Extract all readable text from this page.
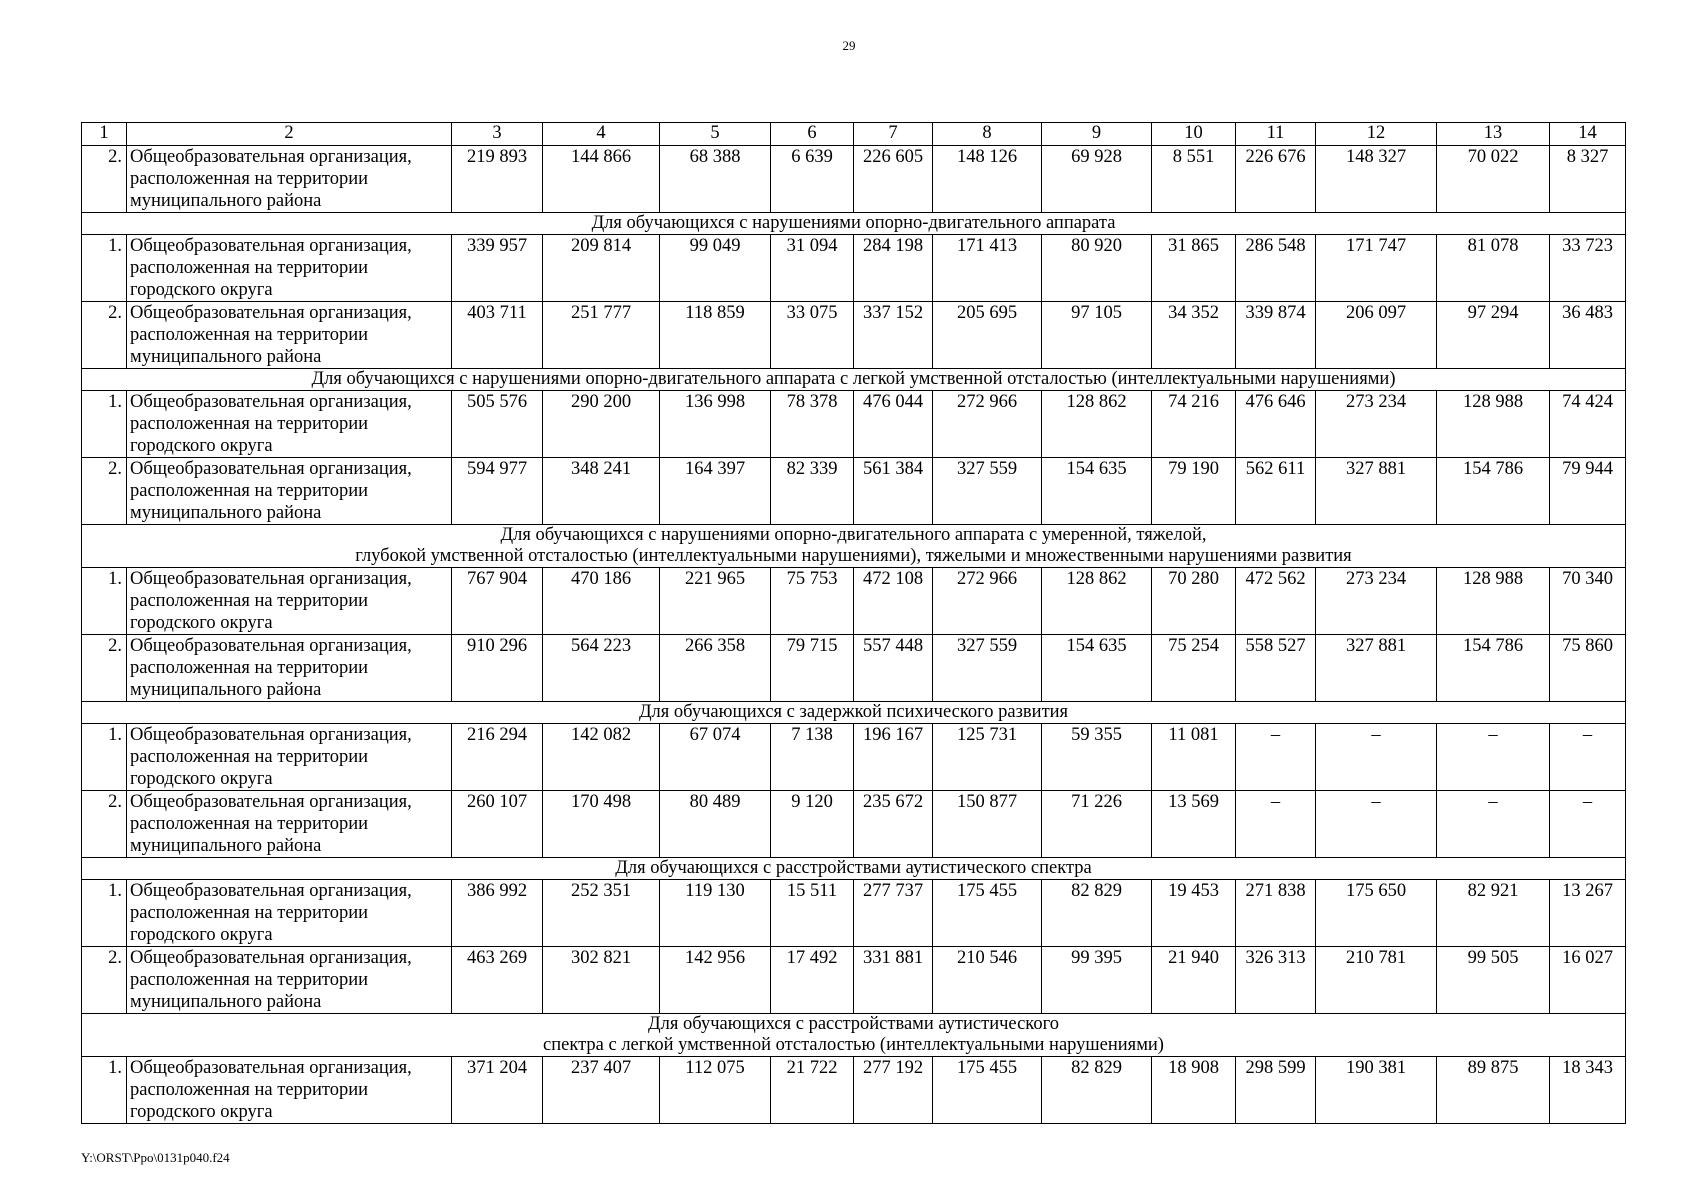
29
1	2	3	4	5	6	7	8	9	10	11	12	13	14
2.	Общеобразовательная организация, расположенная на территории муниципального района	219 893	144 866	68 388	6 639	226 605	148 126	69 928	8 551	226 676	148 327	70 022	8 327

Для обучающихся с нарушениями опорно-двигательного аппарата													

1.	Общеобразовательная организация, расположенная на территории городского округа	339 957	209 814	99 049	31 094	284 198	171 413	80 920	31 865	286 548	171 747	81 078	33 723
2.	Общеобразовательная организация, расположенная на территории муниципального района	403 711	251 777	118 859	33 075	337 152	205 695	97 105	34 352	339 874	206 097	97 294	36 483

Для обучающихся с нарушениями опорно-двигательного аппарата с легкой умственной отсталостью (интеллектуальными нарушениями)													

1.	Общеобразовательная организация, расположенная на территории городского округа	505 576	290 200	136 998	78 378	476 044	272 966	128 862	74 216	476 646	273 234	128 988	74 424
2.	Общеобразовательная организация, расположенная на территории муниципального района	594 977	348 241	164 397	82 339	561 384	327 559	154 635	79 190	562 611	327 881	154 786	79 944

Для обучающихся с нарушениями опорно-двигательного аппарата с умеренной, тяжелой,
глубокой умственной отсталостью (интеллектуальными нарушениями), тяжелыми и множественными нарушениями развития													

1.	Общеобразовательная организация, расположенная на территории городского округа	767 904	470 186	221 965	75 753	472 108	272 966	128 862	70 280	472 562	273 234	128 988	70 340
2.	Общеобразовательная организация, расположенная на территории муниципального района	910 296	564 223	266 358	79 715	557 448	327 559	154 635	75 254	558 527	327 881	154 786	75 860

Для обучающихся с задержкой психического развития													

1.	Общеобразовательная организация, расположенная на территории городского округа	216 294	142 082	67 074	7 138	196 167	125 731	59 355	11 081	–	–	–	–
2.	Общеобразовательная организация, расположенная на территории муниципального района	260 107	170 498	80 489	9 120	235 672	150 877	71 226	13 569	–	–	–	–

Для обучающихся с расстройствами аутистического спектра													

1.	Общеобразовательная организация, расположенная на территории городского округа	386 992	252 351	119 130	15 511	277 737	175 455	82 829	19 453	271 838	175 650	82 921	13 267
2.	Общеобразовательная организация, расположенная на территории муниципального района	463 269	302 821	142 956	17 492	331 881	210 546	99 395	21 940	326 313	210 781	99 505	16 027

Для обучающихся с расстройствами аутистического
спектра с легкой умственной отсталостью (интеллектуальными нарушениями)													

1.	Общеобразовательная организация, расположенная на территории городского округа	371 204	237 407	112 075	21 722	277 192	175 455	82 829	18 908	298 599	190 381	89 875	18 343
Y:\ORST\Ppo\0131p040.f24
